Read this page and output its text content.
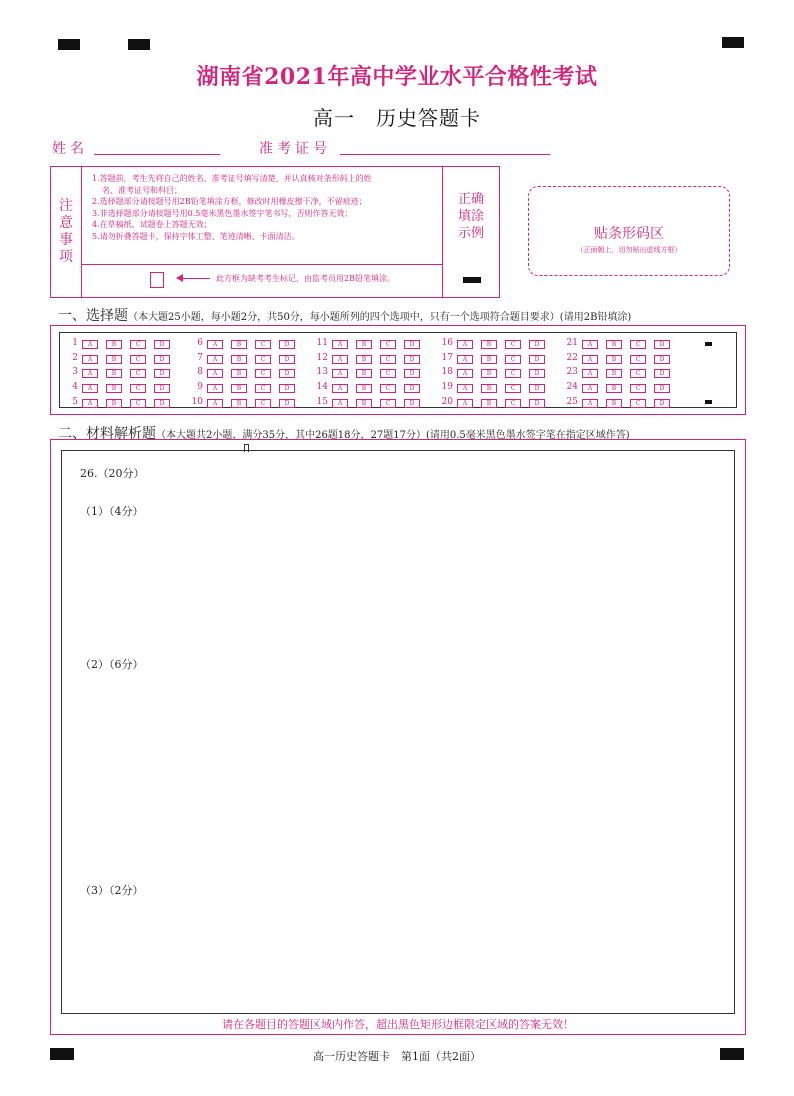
湖南省2021年高中学业水平合格性考试
高一　历史答题卡
姓名	准考证号
注
意
事
项
1.答题前，考生先将自己的姓名、准考证号填写清楚，并认真核对条形码上的姓
名、准考证号和科目；
2.选择题部分请按题号用2B铅笔填涂方框，修改时用橡皮擦干净，不留痕迹；
3.非选择题部分请按题号用0.5毫米黑色墨水签字笔书写，否则作答无效；
4.在草稿纸、试题卷上答题无效；
5.请勿折叠答题卡，保持字体工整、笔迹清晰、卡面清洁。
此方框为缺考考生标记，由监考员用2B铅笔填涂。
正确
填涂
示例	贴条形码区
（正面朝上，切勿贴出虚线方框）
一、选择题（本大题25小题，每小题2分，共50分，每小题所列的四个选项中，只有一个选项符合题目要求）(请用2B铅填涂)
1	A	B	C	D
2	A	B	C	D
3	A	B	C	D
4	A	B	C	D
5	A	B	C	D
6	A	B	C	D
7	A	B	C	D
8	A	B	C	D
9	A	B	C	D
10	A	B	C	D
11	A	B	C	D
12	A	B	C	D
13	A	B	C	D
14	A	B	C	D
15	A	B	C	D
16	A	B	C	D
17	A	B	C	D
18	A	B	C	D
19	A	B	C	D
20	A	B	C	D
21	A	B	C	D
22	A	B	C	D
23	A	B	C	D
24	A	B	C	D
25	A	B	C	D
二、材料解析题（本大题共2小题，满分35分，其中26题18分，27题17分）(请用0.5毫米黑色墨水签字笔在指定区域作答)
26.（20分）
（1）（4分）
（2）（6分）
（3）（2分）
请在各题目的答题区域内作答，超出黑色矩形边框限定区域的答案无效！
高一历史答题卡　第1面（共2面）
